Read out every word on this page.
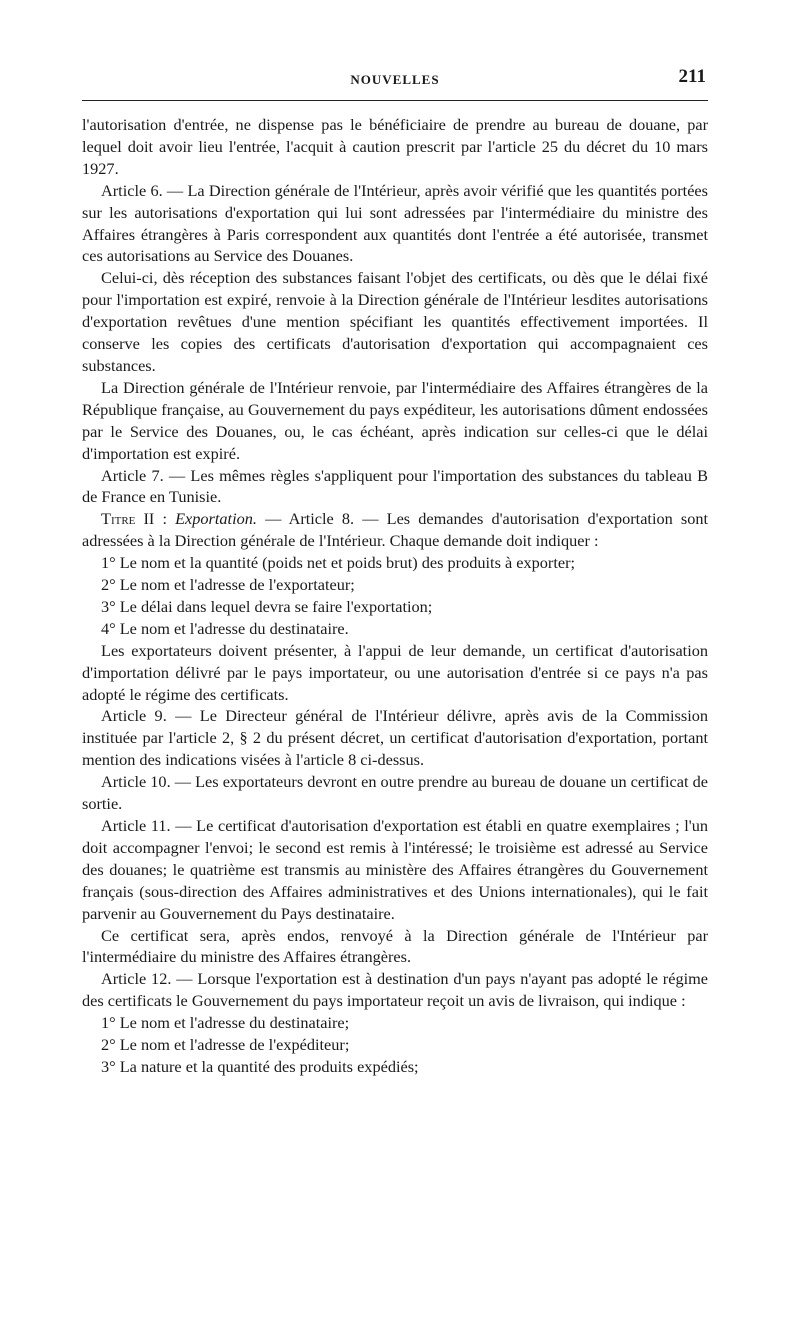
NOUVELLES	211

l'autorisation d'entrée, ne dispense pas le bénéficiaire de prendre au bureau de douane, par lequel doit avoir lieu l'entrée, l'acquit à caution prescrit par l'article 25 du décret du 10 mars 1927.

Article 6. — La Direction générale de l'Intérieur, après avoir vérifié que les quantités portées sur les autorisations d'exportation qui lui sont adressées par l'intermédiaire du ministre des Affaires étrangères à Paris correspondent aux quantités dont l'entrée a été autorisée, transmet ces autorisations au Service des Douanes.

Celui-ci, dès réception des substances faisant l'objet des certificats, ou dès que le délai fixé pour l'importation est expiré, renvoie à la Direction générale de l'Intérieur lesdites autorisations d'exportation revêtues d'une mention spécifiant les quantités effectivement importées. Il conserve les copies des certificats d'autorisation d'exportation qui accompagnaient ces substances.

La Direction générale de l'Intérieur renvoie, par l'intermédiaire des Affaires étrangères de la République française, au Gouvernement du pays expéditeur, les autorisations dûment endossées par le Service des Douanes, ou, le cas échéant, après indication sur celles-ci que le délai d'importation est expiré.

Article 7. — Les mêmes règles s'appliquent pour l'importation des substances du tableau B de France en Tunisie.

Titre II : Exportation. — Article 8. — Les demandes d'autorisation d'exportation sont adressées à la Direction générale de l'Intérieur. Chaque demande doit indiquer :

1° Le nom et la quantité (poids net et poids brut) des produits à exporter;

2° Le nom et l'adresse de l'exportateur;

3° Le délai dans lequel devra se faire l'exportation;

4° Le nom et l'adresse du destinataire.

Les exportateurs doivent présenter, à l'appui de leur demande, un certificat d'autorisation d'importation délivré par le pays importateur, ou une autorisation d'entrée si ce pays n'a pas adopté le régime des certificats.

Article 9. — Le Directeur général de l'Intérieur délivre, après avis de la Commission instituée par l'article 2, § 2 du présent décret, un certificat d'autorisation d'exportation, portant mention des indications visées à l'article 8 ci-dessus.

Article 10. — Les exportateurs devront en outre prendre au bureau de douane un certificat de sortie.

Article 11. — Le certificat d'autorisation d'exportation est établi en quatre exemplaires ; l'un doit accompagner l'envoi; le second est remis à l'intéressé; le troisième est adressé au Service des douanes; le quatrième est transmis au ministère des Affaires étrangères du Gouvernement français (sous-direction des Affaires administratives et des Unions internationales), qui le fait parvenir au Gouvernement du Pays destinataire.

Ce certificat sera, après endos, renvoyé à la Direction générale de l'Intérieur par l'intermédiaire du ministre des Affaires étrangères.

Article 12. — Lorsque l'exportation est à destination d'un pays n'ayant pas adopté le régime des certificats le Gouvernement du pays importateur reçoit un avis de livraison, qui indique :

1° Le nom et l'adresse du destinataire;

2° Le nom et l'adresse de l'expéditeur;

3° La nature et la quantité des produits expédiés;
